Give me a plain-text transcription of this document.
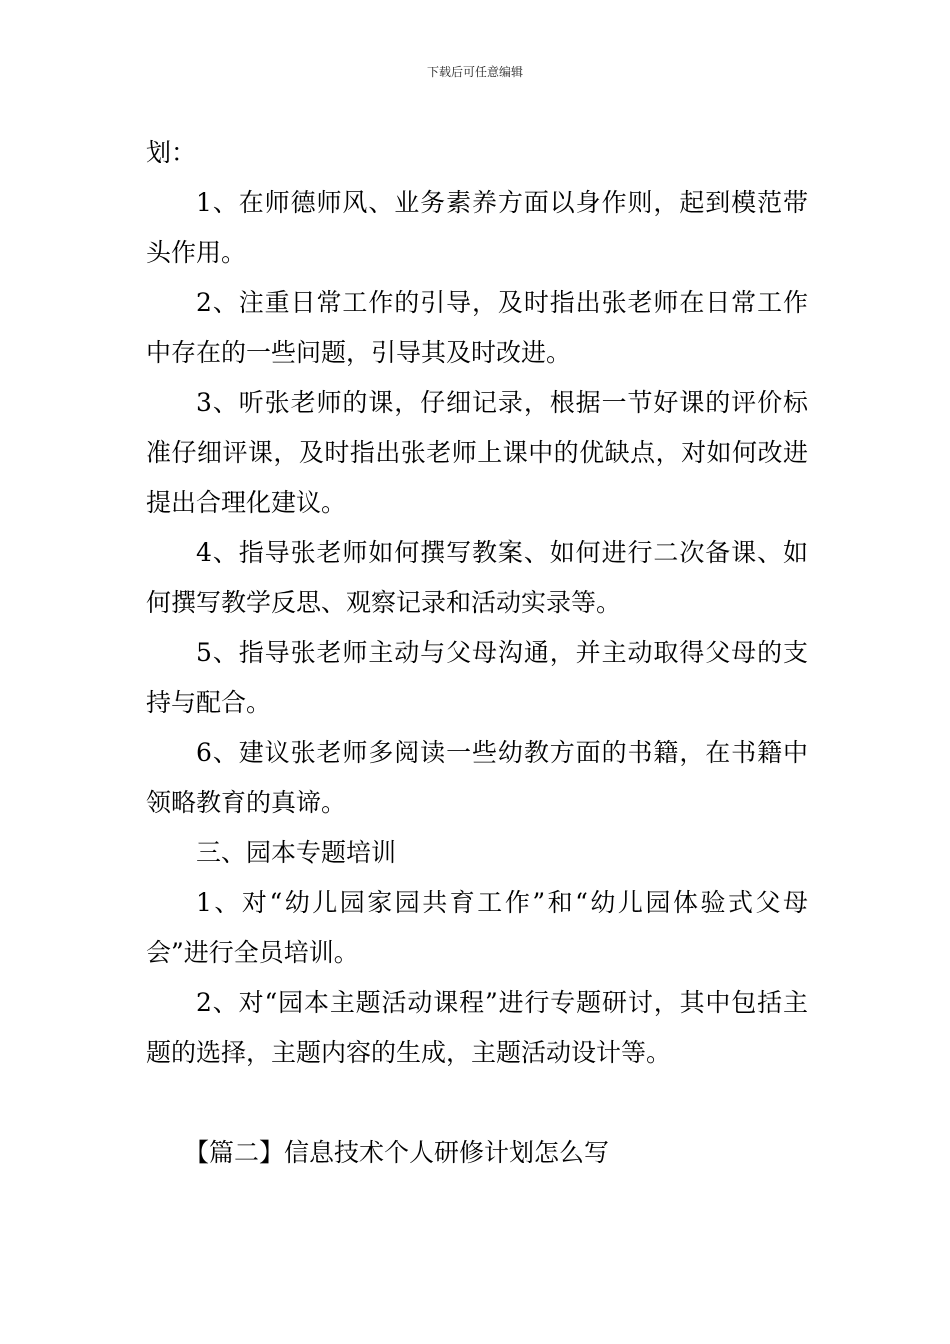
下载后可任意编辑

划：

1、在师德师风、业务素养方面以身作则，起到模范带头作用。

2、注重日常工作的引导，及时指出张老师在日常工作中存在的一些问题，引导其及时改进。

3、听张老师的课，仔细记录，根据一节好课的评价标准仔细评课，及时指出张老师上课中的优缺点，对如何改进提出合理化建议。

4、指导张老师如何撰写教案、如何进行二次备课、如何撰写教学反思、观察记录和活动实录等。

5、指导张老师主动与父母沟通，并主动取得父母的支持与配合。

6、建议张老师多阅读一些幼教方面的书籍，在书籍中领略教育的真谛。

三、园本专题培训

1、对“幼儿园家园共育工作”和“幼儿园体验式父母会”进行全员培训。

2、对“园本主题活动课程”进行专题研讨，其中包括主题的选择，主题内容的生成，主题活动设计等。

【篇二】信息技术个人研修计划怎么写
